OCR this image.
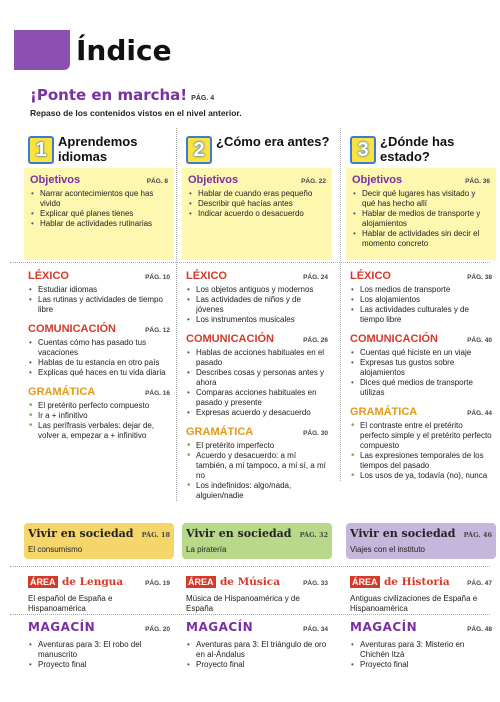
Índice
¡Ponte en marcha! PÁG. 4
Repaso de los contenidos vistos en el nivel anterior.
1 Aprendemos idiomas
Objetivos	PÁG. 8
• Narrar acontecimientos que has vivido
• Explicar qué planes tienes
• Hablar de actividades rutinarias
LÉXICO	PÁG. 10
• Estudiar idiomas
• Las rutinas y actividades de tiempo libre
COMUNICACIÓN	PÁG. 12
• Cuentas cómo has pasado tus vacaciones
• Hablas de tu estancia en otro país
• Explicas qué haces en tu vida diaria
GRAMÁTICA	PÁG. 16
• El pretérito perfecto compuesto
• Ir a + infinitivo
• Las perífrasis verbales: dejar de, volver a, empezar a + infinitivo
Vivir en sociedad PÁG. 18
El consumismo
ÁREA de Lengua	PÁG. 19
El español de España e Hispanoamérica
MAGACÍN	PÁG. 20
• Aventuras para 3: El robo del manuscrito
• Proyecto final
2 ¿Cómo era antes?
Objetivos	PÁG. 22
• Hablar de cuando eras pequeño
• Describir qué hacías antes
• Indicar acuerdo o desacuerdo
LÉXICO	PÁG. 24
• Los objetos antiguos y modernos
• Las actividades de niños y de jóvenes
• Los instrumentos musicales
COMUNICACIÓN	PÁG. 26
• Hablas de acciones habituales en el pasado
• Describes cosas y personas antes y ahora
• Comparas acciones habituales en pasado y presente
• Expresas acuerdo y desacuerdo
GRAMÁTICA	PÁG. 30
• El pretérito imperfecto
• Acuerdo y desacuerdo: a mí también, a mí tampoco, a mí sí, a mí no
• Los indefinidos: algo/nada, alguien/nadie
Vivir en sociedad PÁG. 32
La piratería
ÁREA de Música	PÁG. 33
Música de Hispanoamérica y de España
MAGACÍN	PÁG. 34
• Aventuras para 3: El triángulo de oro en al-Ándalus
• Proyecto final
3 ¿Dónde has estado?
Objetivos	PÁG. 36
• Decir qué lugares has visitado y qué has hecho allí
• Hablar de medios de transporte y alojamientos
• Hablar de actividades sin decir el momento concreto
LÉXICO	PÁG. 38
• Los medios de transporte
• Los alojamientos
• Las actividades culturales y de tiempo libre
COMUNICACIÓN	PÁG. 40
• Cuentas qué hiciste en un viaje
• Expresas tus gustos sobre alojamientos
• Dices qué medios de transporte utilizas
GRAMÁTICA	PÁG. 44
• El contraste entre el pretérito perfecto simple y el pretérito perfecto compuesto
• Las expresiones temporales de los tiempos del pasado
• Los usos de ya, todavía (no), nunca
Vivir en sociedad PÁG. 46
Viajes con el instituto
ÁREA de Historia	PÁG. 47
Antiguas civilizaciones de España e Hispanoamérica
MAGACÍN	PÁG. 48
• Aventuras para 3: Misterio en Chichén Itzá
• Proyecto final
